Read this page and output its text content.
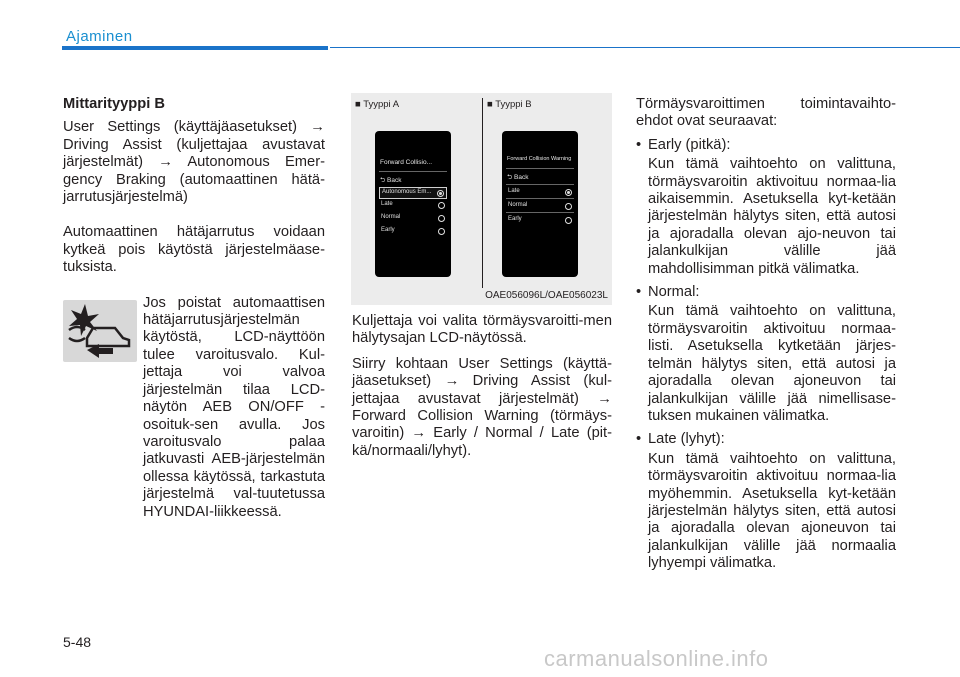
Ajaminen

Mittarityyppi B

User Settings (käyttäjäasetukset) → Driving Assist (kuljettajaa avustavat järjestelmät) → Autonomous Emer-gency Braking (automaattinen hätä-jarrutusjärjestelmä)

Automaattinen hätäjarrutus voidaan kytkeä pois käytöstä järjestelmäase-tuksista.

Jos poistat automaattisen hätäjarrutusjärjestelmän käytöstä, LCD-näyttöön tulee varoitusvalo. Kul-jettaja voi valvoa järjestelmän tilaa LCD-näytön AEB ON/OFF -osoituk-sen avulla. Jos varoitusvalo palaa jatkuvasti AEB-järjestelmän ollessa käytössä, tarkastuta järjestelmä val-tuutetussa HYUNDAI-liikkeessä.

■ Tyyppi A	■ Tyyppi B
Forward Collisio...
⮌ Back
Autonomous Em...
Late
Normal
Early
Forward Collision Warning
⮌ Back
Late
Normal
Early
OAE056096L/OAE056023L

Kuljettaja voi valita törmäysvaroitti-men hälytysajan LCD-näytössä.

Siirry kohtaan User Settings (käyttä-jäasetukset) → Driving Assist (kul-jettajaa avustavat järjestelmät) → Forward Collision Warning (törmäys-varoitin) → Early / Normal / Late (pit-kä/normaali/lyhyt).

Törmäysvaroittimen toimintavaihto-ehdot ovat seuraavat:

• Early (pitkä):

Kun tämä vaihtoehto on valittuna, törmäysvaroitin aktivoituu normaa-lia aikaisemmin. Asetuksella kyt-ketään järjestelmän hälytys siten, että autosi ja ajoradalla olevan ajo-neuvon tai jalankulkijan välille jää mahdollisimman pitkä välimatka.

• Normal:

Kun tämä vaihtoehto on valittuna, törmäysvaroitin aktivoituu normaa-listi. Asetuksella kytketään järjes-telmän hälytys siten, että autosi ja ajoradalla olevan ajoneuvon tai jalankulkijan välille jää nimellisase-tuksen mukainen välimatka.

• Late (lyhyt):

Kun tämä vaihtoehto on valittuna, törmäysvaroitin aktivoituu normaa-lia myöhemmin. Asetuksella kyt-ketään järjestelmän hälytys siten, että autosi ja ajoradalla olevan ajoneuvon tai jalankulkijan välille jää normaalia lyhyempi välimatka.

5-48
carmanualsonline.info
